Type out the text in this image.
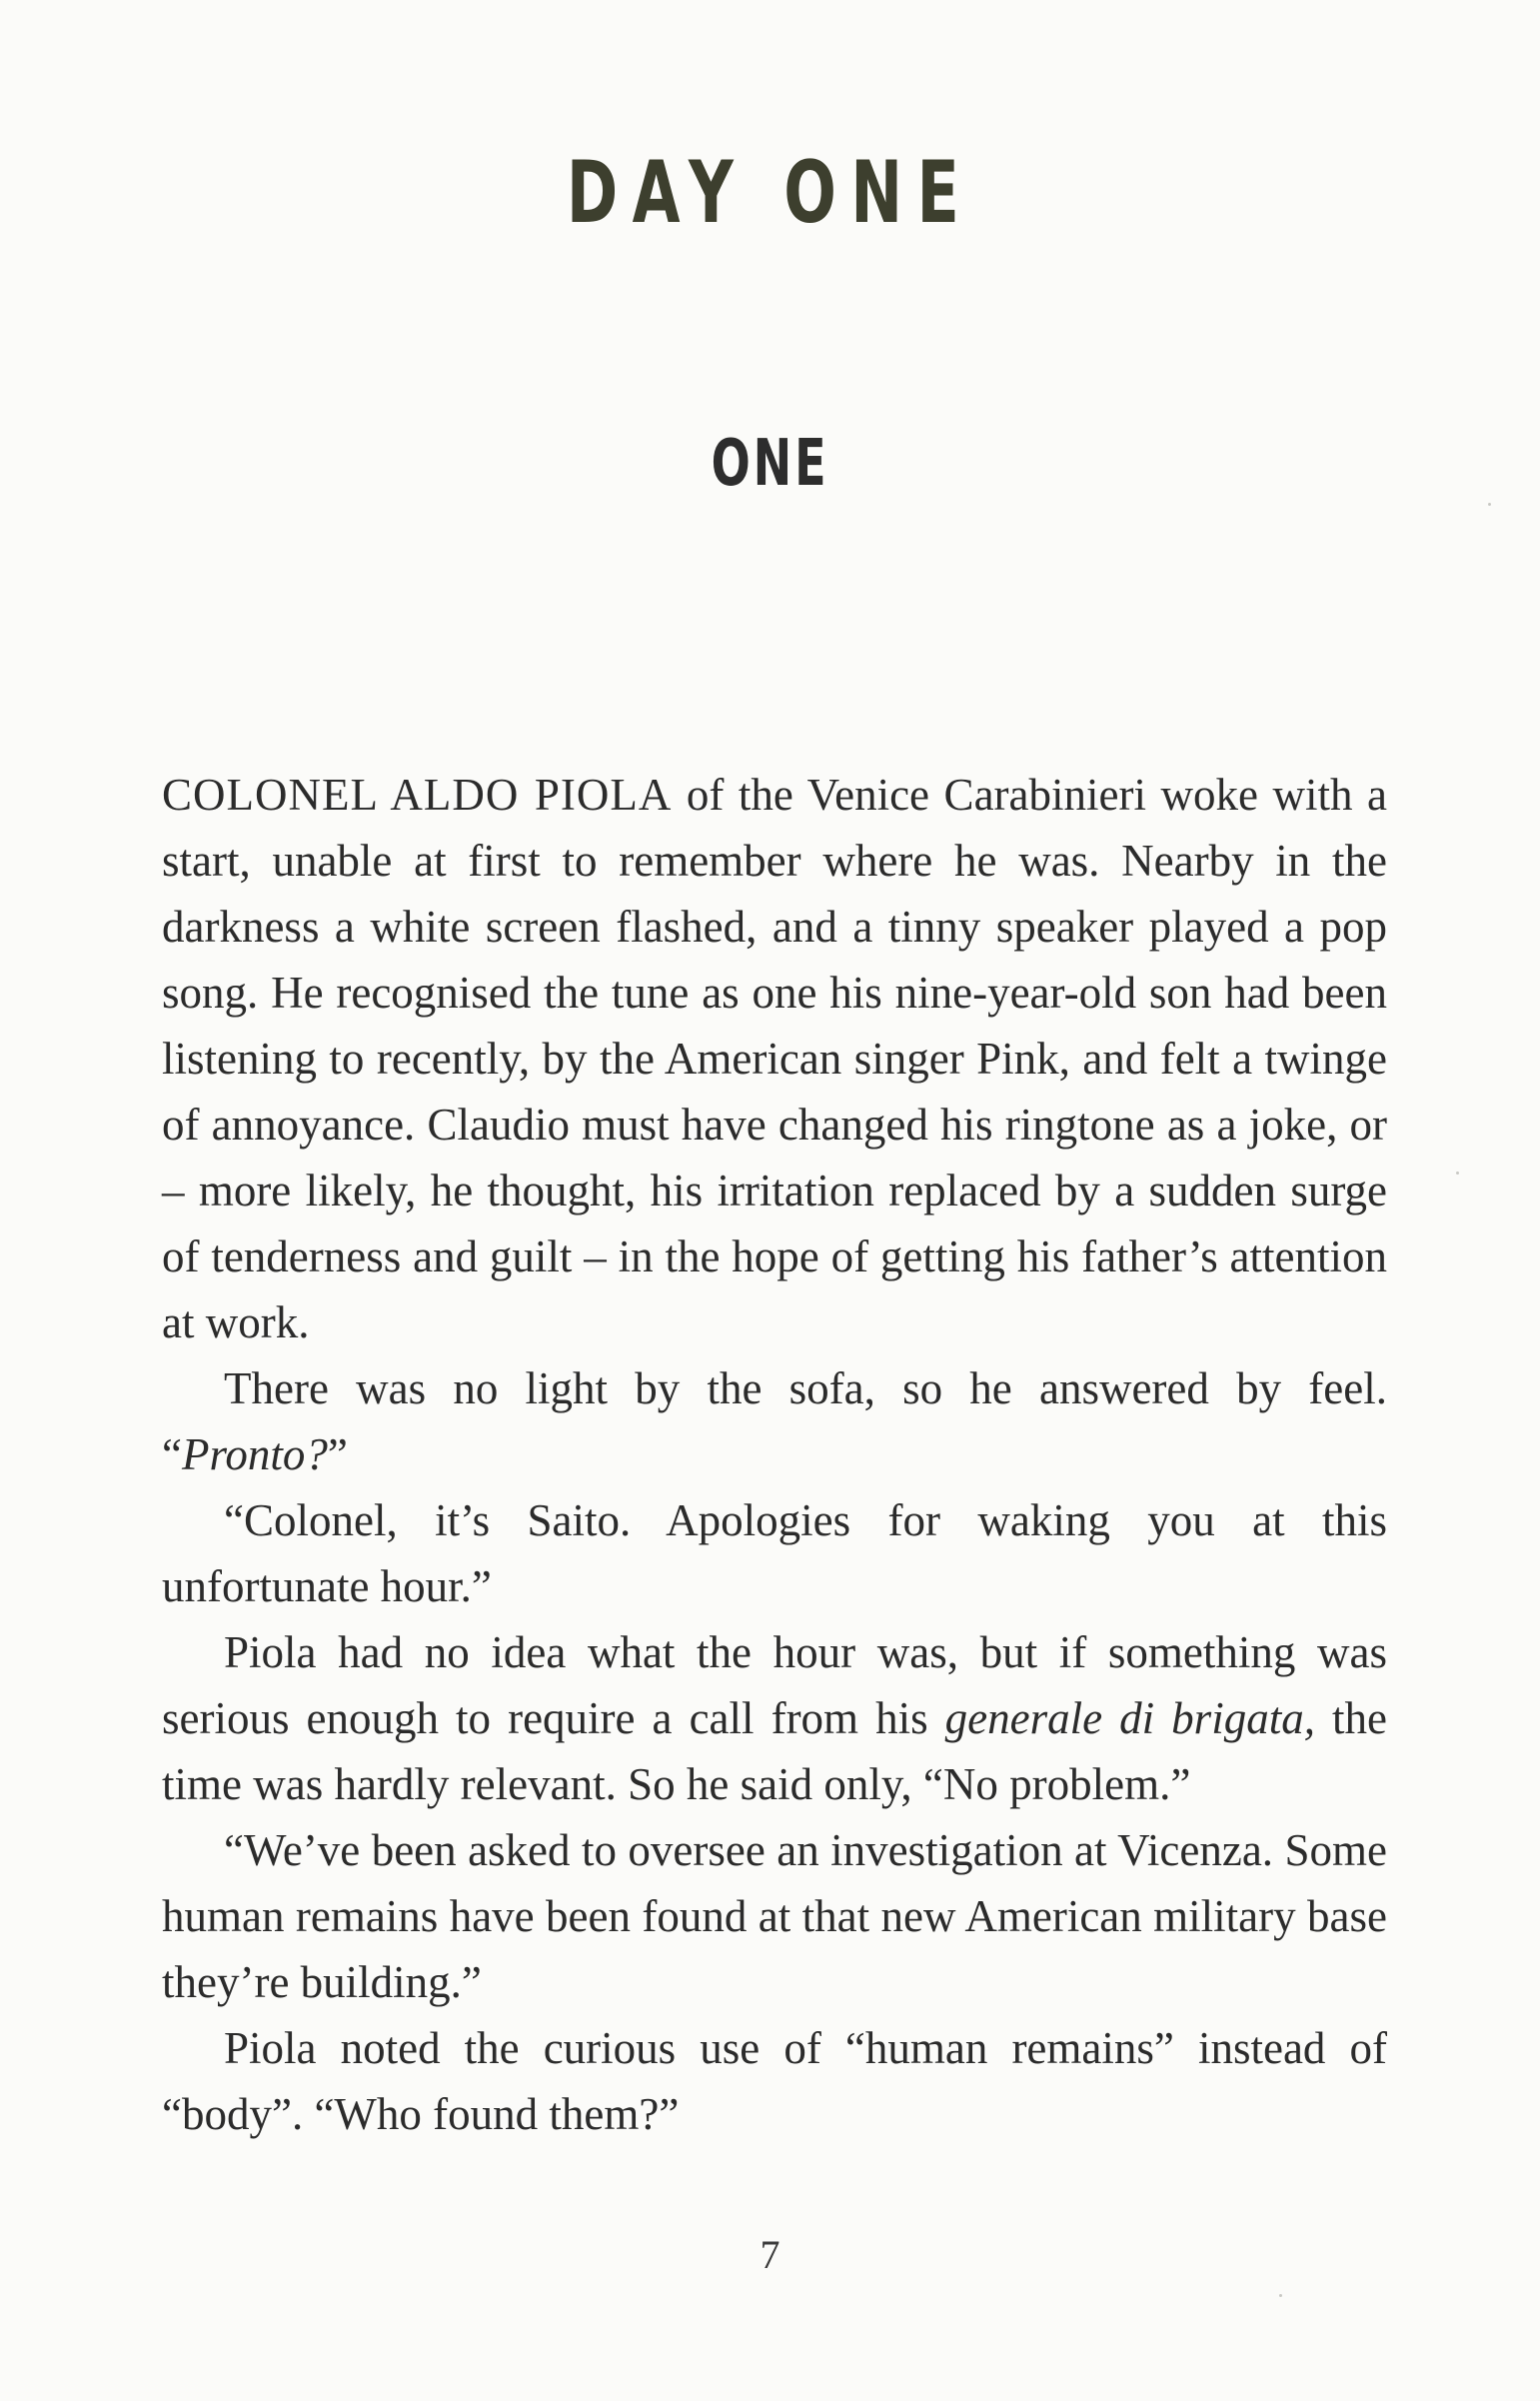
DAY ONE
ONE

COLONEL ALDO PIOLA of the Venice Carabinieri woke with a start, unable at first to remember where he was. Nearby in the darkness a white screen flashed, and a tinny speaker played a pop song. He recognised the tune as one his nine-year-old son had been listening to recently, by the American singer Pink, and felt a twinge of annoyance. Claudio must have changed his ringtone as a joke, or – more likely, he thought, his irritation replaced by a sudden surge of tenderness and guilt – in the hope of getting his father’s attention at work.

There was no light by the sofa, so he answered by feel. “Pronto?”

“Colonel, it’s Saito. Apologies for waking you at this unfortunate hour.”

Piola had no idea what the hour was, but if something was serious enough to require a call from his generale di brigata, the time was hardly relevant. So he said only, “No problem.”

“We’ve been asked to oversee an investigation at Vicenza. Some human remains have been found at that new American military base they’re building.”

Piola noted the curious use of “human remains” instead of “body”. “Who found them?”

7
